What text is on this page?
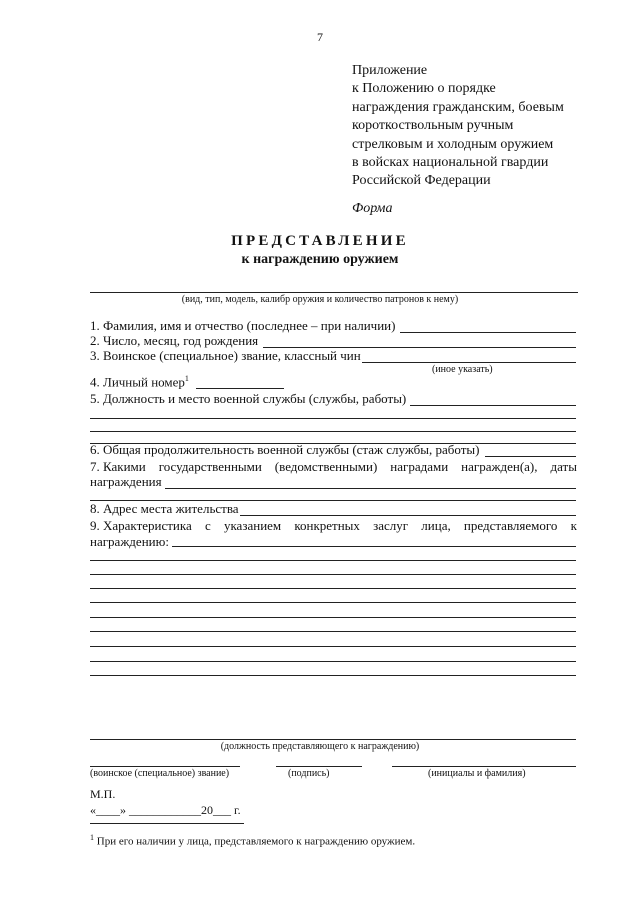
7
Приложение
к Положению о порядке
награждения гражданским, боевым
короткоствольным ручным
стрелковым и холодным оружием
в войсках национальной гвардии
Российской Федерации
Форма
ПРЕДСТАВЛЕНИЕ
к награждению оружием
(вид, тип, модель, калибр оружия и количество патронов к нему)
1. Фамилия, имя и отчество (последнее – при наличии)
2. Число, месяц, год рождения
3. Воинское (специальное) звание, классный чин
(иное указать)
4. Личный номер$^1$
5. Должность и место военной службы (службы, работы)
6. Общая продолжительность военной службы (стаж службы, работы)
7. Какими государственными (ведомственными) наградами награжден(а), даты
награждения
8. Адрес места жительства
9. Характеристика с указанием конкретных заслуг лица, представляемого к
награждению:
(должность представляющего к награждению)
(воинское (специальное) звание)	(подпись)	(инициалы и фамилия)
М.П.
«____» ____________20___ г.
$^1$ При его наличии у лица, представляемого к награждению оружием.
